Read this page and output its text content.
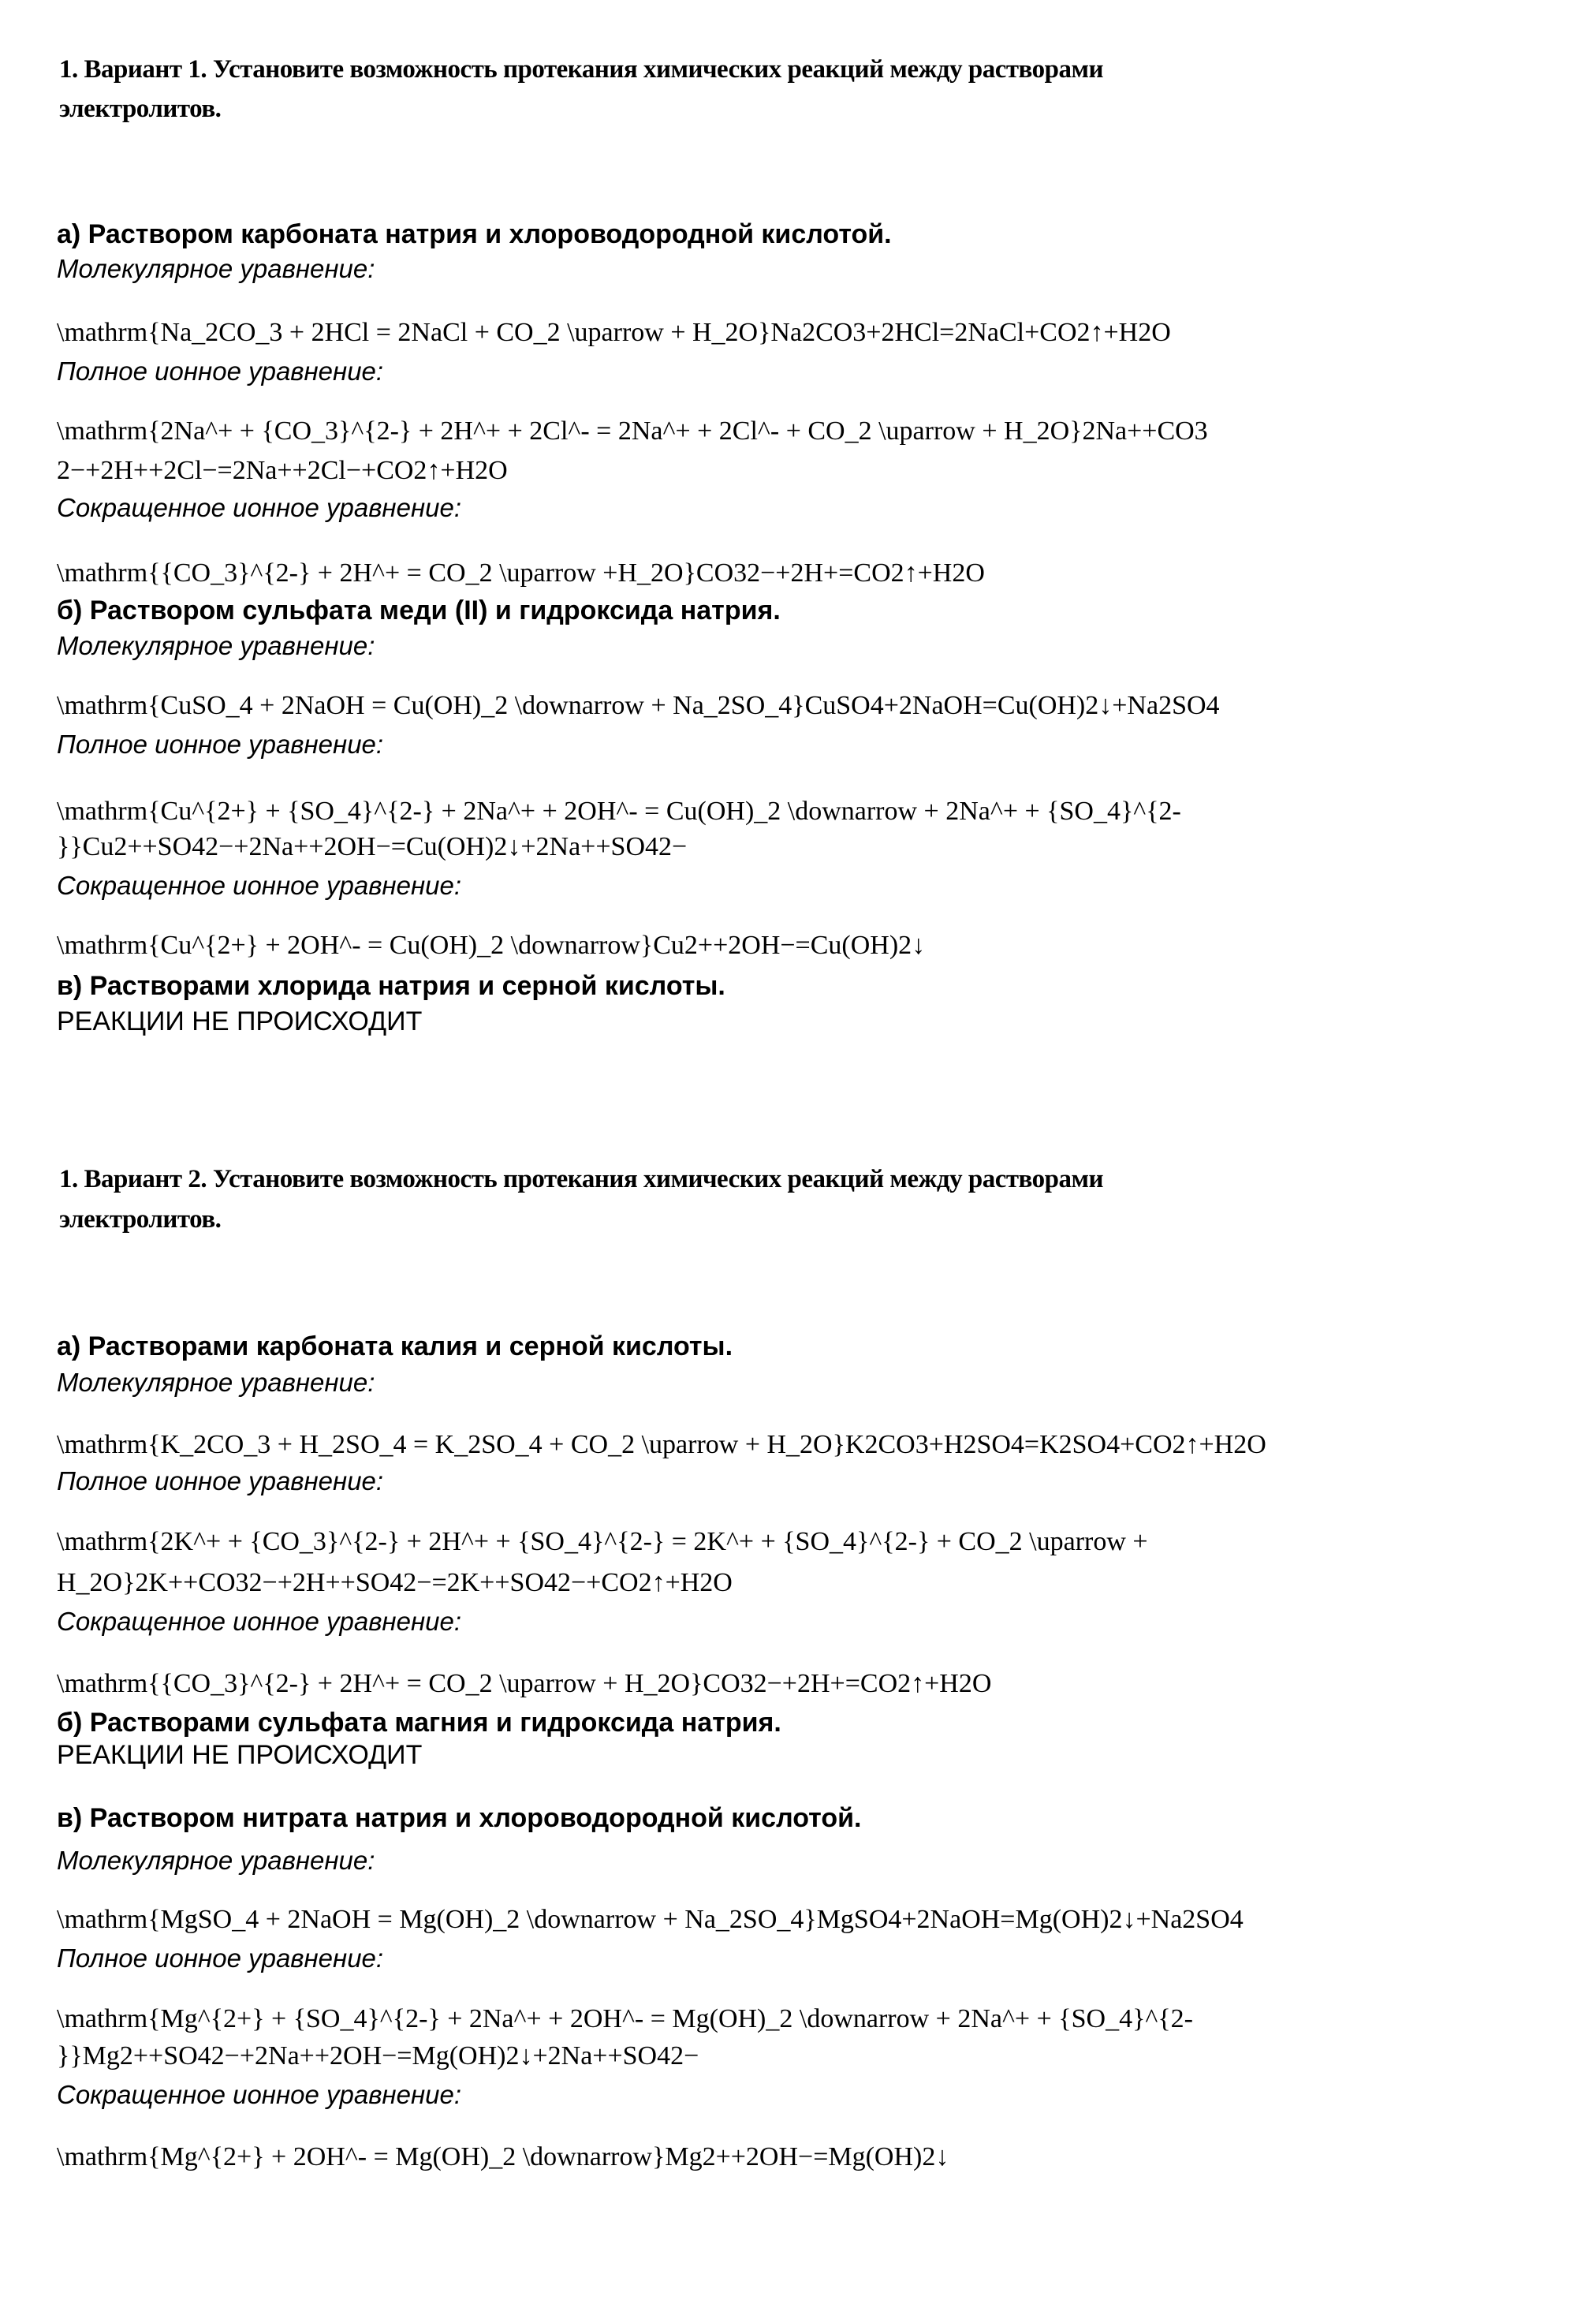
1. Вариант 1. Установите возможность протекания химических реакций между растворами
электролитов.
а) Раствором карбоната натрия и хлороводородной кислотой.
Молекулярное уравнение:
\mathrm{Na_2CO_3 + 2HCl = 2NaCl + CO_2 \uparrow + H_2O}Na2CO3+2HCl=2NaCl+CO2↑+H2O
Полное ионное уравнение:
\mathrm{2Na^+ + {CO_3}^{2-} + 2H^+ + 2Cl^- = 2Na^+ + 2Cl^- + CO_2 \uparrow + H_2O}2Na++CO3
2−+2H++2Cl−=2Na++2Cl−+CO2↑+H2O
Сокращенное ионное уравнение:
\mathrm{{CO_3}^{2-} + 2H^+ = CO_2 \uparrow +H_2O}CO32−+2H+=CO2↑+H2O
б) Раствором сульфата меди (II) и гидроксида натрия.
Молекулярное уравнение:
\mathrm{CuSO_4 + 2NaOH = Cu(OH)_2 \downarrow + Na_2SO_4}CuSO4+2NaOH=Cu(OH)2↓+Na2SO4
Полное ионное уравнение:
\mathrm{Cu^{2+} + {SO_4}^{2-} + 2Na^+ + 2OH^- = Cu(OH)_2 \downarrow + 2Na^+ + {SO_4}^{2-
}}Cu2++SO42−+2Na++2OH−=Cu(OH)2↓+2Na++SO42−
Сокращенное ионное уравнение:
\mathrm{Cu^{2+} + 2OH^- = Cu(OH)_2 \downarrow}Cu2++2OH−=Cu(OH)2↓
в) Растворами хлорида натрия и серной кислоты.
РЕАКЦИИ НЕ ПРОИСХОДИТ
1. Вариант 2. Установите возможность протекания химических реакций между растворами
электролитов.
а) Растворами карбоната калия и серной кислоты.
Молекулярное уравнение:
\mathrm{K_2CO_3 + H_2SO_4 = K_2SO_4 + CO_2 \uparrow + H_2O}K2CO3+H2SO4=K2SO4+CO2↑+H2O
Полное ионное уравнение:
\mathrm{2K^+ + {CO_3}^{2-} + 2H^+ + {SO_4}^{2-} = 2K^+ + {SO_4}^{2-} + CO_2 \uparrow +
H_2O}2K++CO32−+2H++SO42−=2K++SO42−+CO2↑+H2O
Сокращенное ионное уравнение:
\mathrm{{CO_3}^{2-} + 2H^+ = CO_2 \uparrow + H_2O}CO32−+2H+=CO2↑+H2O
б) Растворами сульфата магния и гидроксида натрия.
РЕАКЦИИ НЕ ПРОИСХОДИТ
в) Раствором нитрата натрия и хлороводородной кислотой.
Молекулярное уравнение:
\mathrm{MgSO_4 + 2NaOH = Mg(OH)_2 \downarrow + Na_2SO_4}MgSO4+2NaOH=Mg(OH)2↓+Na2SO4
Полное ионное уравнение:
\mathrm{Mg^{2+} + {SO_4}^{2-} + 2Na^+ + 2OH^- = Mg(OH)_2 \downarrow + 2Na^+ + {SO_4}^{2-
}}Mg2++SO42−+2Na++2OH−=Mg(OH)2↓+2Na++SO42−
Сокращенное ионное уравнение:
\mathrm{Mg^{2+} + 2OH^- = Mg(OH)_2 \downarrow}Mg2++2OH−=Mg(OH)2↓
